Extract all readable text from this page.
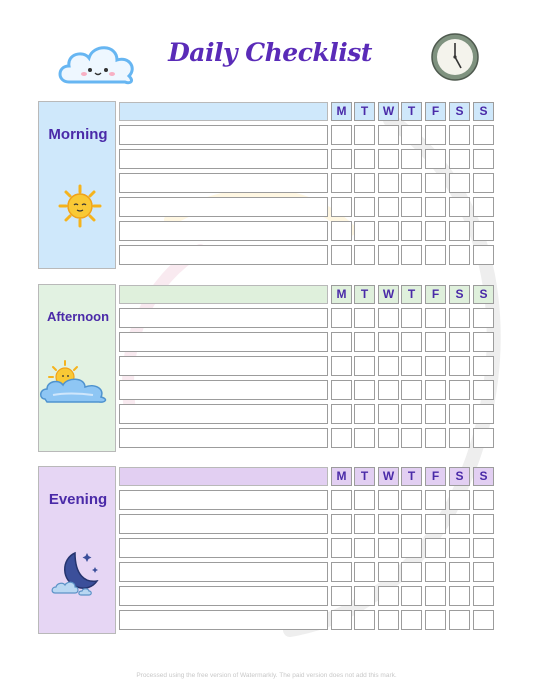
Daily Checklist
Morning
M	T	W	T	F	S	S
Afternoon
M	T	W	T	F	S	S
Evening
M	T	W	T	F	S	S
Processed using the free version of Watermarkly. The paid version does not add this mark.
